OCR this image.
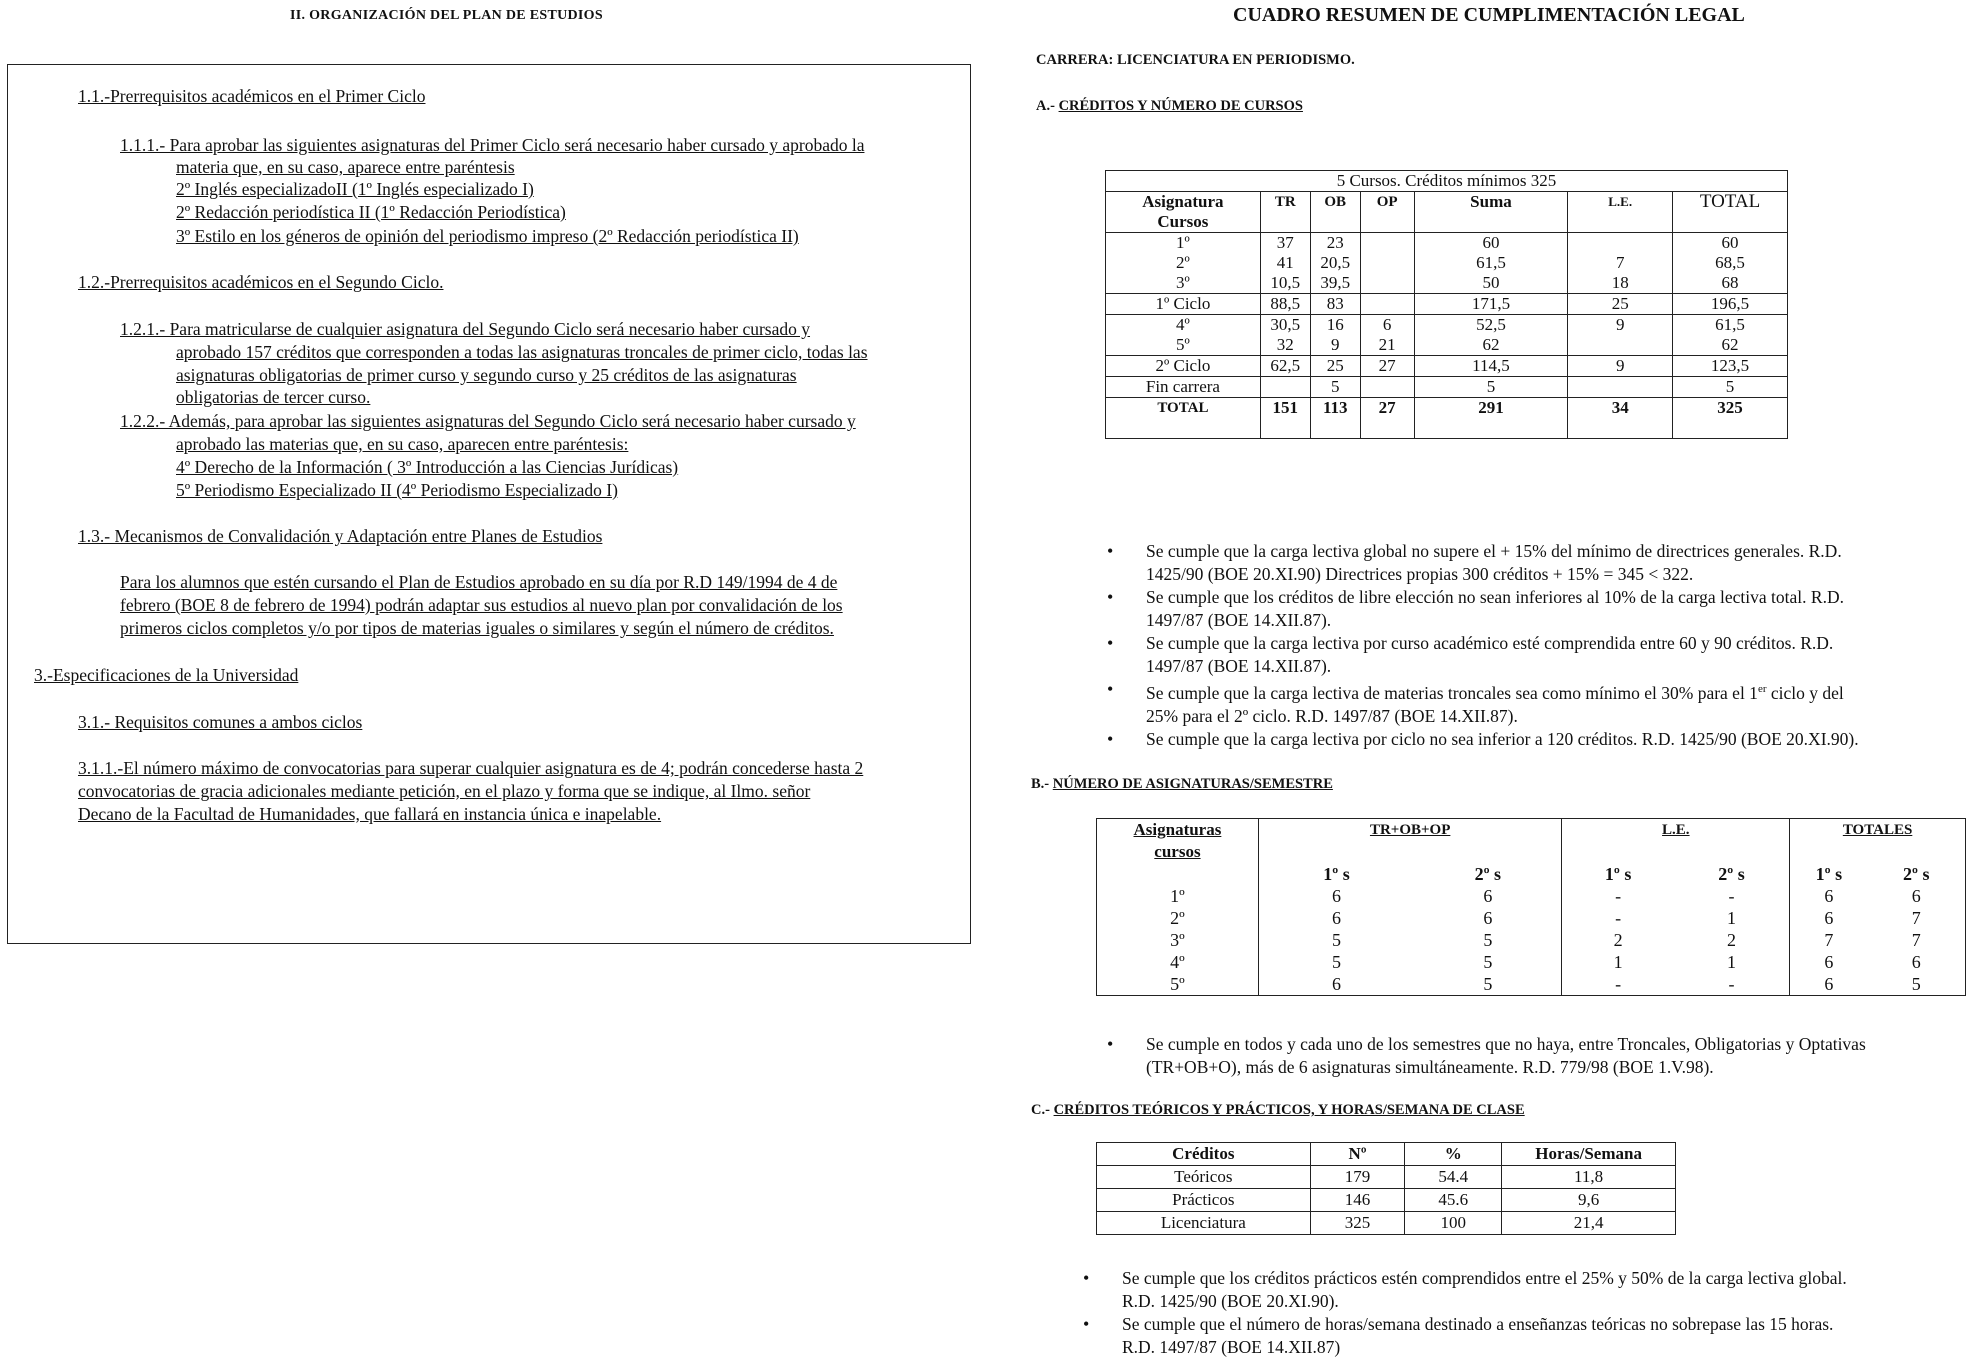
II. ORGANIZACIÓN DEL PLAN DE ESTUDIOS
1.1.-Prerrequisitos académicos en el Primer Ciclo
1.1.1.- Para aprobar las siguientes asignaturas del Primer Ciclo será necesario haber cursado y aprobado la
materia que, en su caso, aparece entre paréntesis
2º Inglés especializadoII (1º Inglés especializado I)
2º Redacción periodística II (1º Redacción Periodística)
3º Estilo en los géneros de opinión del periodismo impreso (2º Redacción periodística II)
1.2.-Prerrequisitos académicos en el Segundo Ciclo.
1.2.1.- Para matricularse de cualquier asignatura del Segundo Ciclo será necesario haber cursado y
aprobado 157 créditos que corresponden a todas las asignaturas troncales de primer ciclo, todas las
asignaturas obligatorias de primer curso y segundo curso y 25 créditos de las asignaturas
obligatorias de tercer curso.
1.2.2.- Además, para aprobar las siguientes asignaturas del Segundo Ciclo será necesario haber cursado y
aprobado las materias que, en su caso, aparecen entre paréntesis:
4º Derecho de la Información ( 3º Introducción a las Ciencias Jurídicas)
5º Periodismo Especializado II (4º Periodismo Especializado I)
1.3.- Mecanismos de Convalidación y Adaptación entre Planes de Estudios
Para los alumnos que estén cursando el Plan de Estudios aprobado en su día por R.D 149/1994 de 4 de
febrero (BOE 8 de febrero de 1994) podrán adaptar sus estudios al nuevo plan por convalidación de los
primeros ciclos completos y/o por tipos de materias iguales o similares y según el número de créditos.
3.-Especificaciones de la Universidad
3.1.- Requisitos comunes a ambos ciclos
3.1.1.-El número máximo de convocatorias para superar cualquier asignatura es de 4; podrán concederse hasta 2
convocatorias de gracia adicionales mediante petición, en el plazo y forma que se indique, al Ilmo. señor
Decano de la Facultad de Humanidades, que fallará en instancia única e inapelable.
CUADRO RESUMEN DE CUMPLIMENTACIÓN LEGAL
CARRERA: LICENCIATURA EN PERIODISMO.
A.- CRÉDITOS Y NÚMERO DE CURSOS
5 Cursos. Créditos mínimos 325						

Asignatura
Cursos	TR	OB	OP	Suma	L.E.	TOTAL
1º	37	23		60		60
2º	41	20,5		61,5	7	68,5
3º	10,5	39,5		50	18	68
1º Ciclo	88,5	83		171,5	25	196,5
4º	30,5	16	6	52,5	9	61,5
5º	32	9	21	62		62
2º Ciclo	62,5	25	27	114,5	9	123,5
Fin carrera		5		5		5
TOTAL	151	113	27	291	34	325
• Se cumple que la carga lectiva global no supere el + 15% del mínimo de directrices generales. R.D.
1425/90 (BOE 20.XI.90) Directrices propias 300 créditos + 15% = 345 < 322.
• Se cumple que los créditos de libre elección no sean inferiores al 10% de la carga lectiva total. R.D.
1497/87 (BOE 14.XII.87).
• Se cumple que la carga lectiva por curso académico esté comprendida entre 60 y 90 créditos. R.D.
1497/87 (BOE 14.XII.87).
• Se cumple que la carga lectiva de materias troncales sea como mínimo el 30% para el 1er ciclo y del
25% para el 2º ciclo. R.D. 1497/87 (BOE 14.XII.87).
• Se cumple que la carga lectiva por ciclo no sea inferior a 120 créditos. R.D. 1425/90 (BOE 20.XI.90).
B.- NÚMERO DE ASIGNATURAS/SEMESTRE
Asignaturas	TR+OB+OP		L.E.		TOTALES	
cursos						
	1º s	2º s	1º s	2º s	1º s	2º s
1º	6	6	-	-	6	6
2º	6	6	-	1	6	7
3º	5	5	2	2	7	7
4º	5	5	1	1	6	6
5º	6	5	-	-	6	5
• Se cumple en todos y cada uno de los semestres que no haya, entre Troncales, Obligatorias y Optativas
(TR+OB+O), más de 6 asignaturas simultáneamente. R.D. 779/98 (BOE 1.V.98).
C.- CRÉDITOS TEÓRICOS Y PRÁCTICOS, Y HORAS/SEMANA DE CLASE
Créditos	Nº	%	Horas/Semana
Teóricos	179	54.4	11,8
Prácticos	146	45.6	9,6
Licenciatura	325	100	21,4
• Se cumple que los créditos prácticos estén comprendidos entre el 25% y 50% de la carga lectiva global.
R.D. 1425/90 (BOE 20.XI.90).
• Se cumple que el número de horas/semana destinado a enseñanzas teóricas no sobrepase las 15 horas.
R.D. 1497/87 (BOE 14.XII.87)
